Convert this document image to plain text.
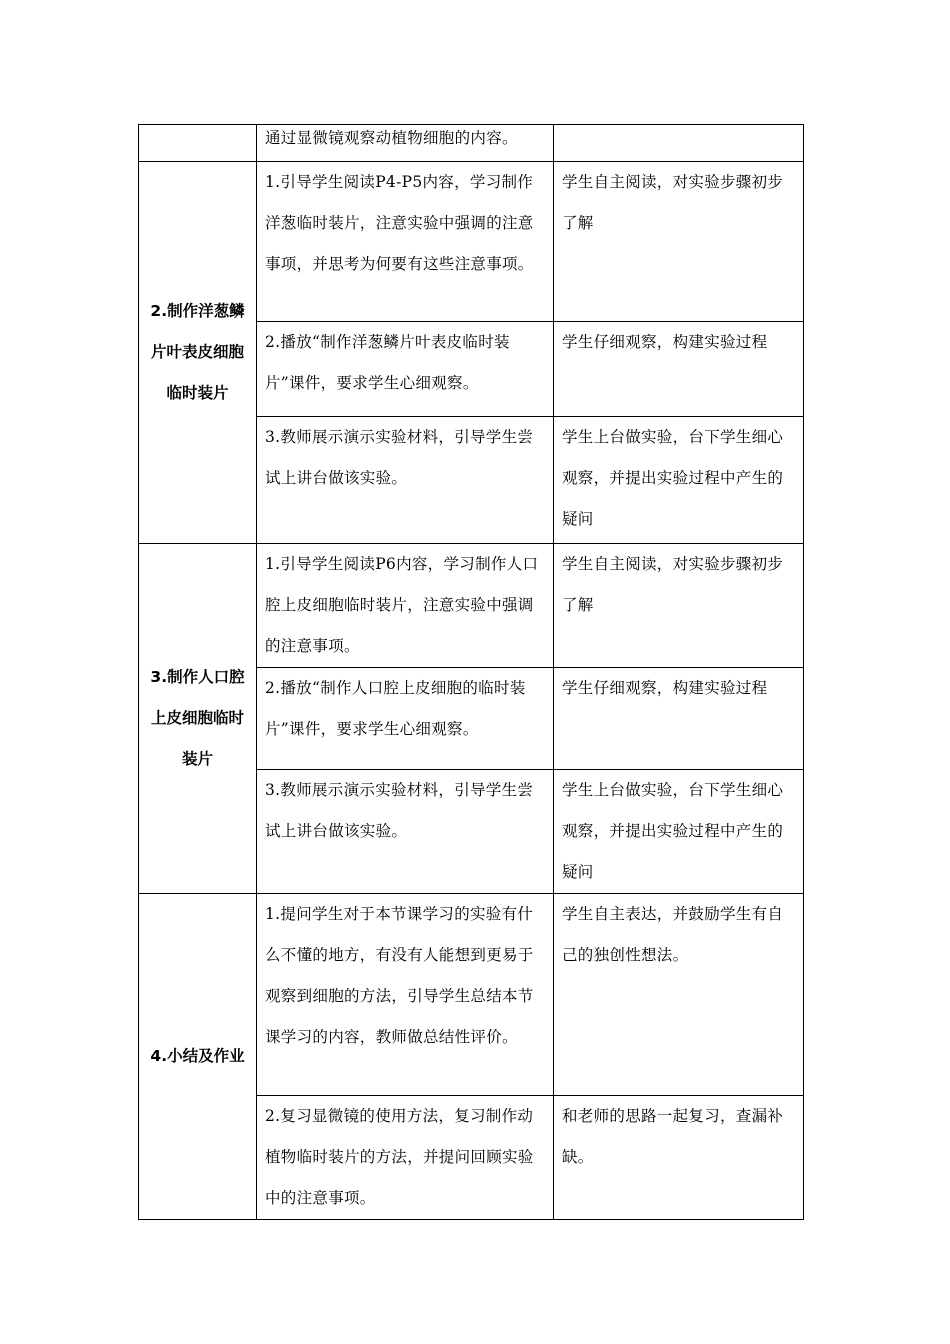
	通过显微镜观察动植物细胞的内容。	

2.制作洋葱鳞片叶表皮细胞临时装片	1.引导学生阅读P4-P5内容，学习制作洋葱临时装片，注意实验中强调的注意事项，并思考为何要有这些注意事项。	学生自主阅读，对实验步骤初步了解

	2.播放“制作洋葱鳞片叶表皮临时装片”课件，要求学生心细观察。	学生仔细观察，构建实验过程

	3.教师展示演示实验材料，引导学生尝试上讲台做该实验。	学生上台做实验，台下学生细心观察，并提出实验过程中产生的疑问

3.制作人口腔上皮细胞临时装片	1.引导学生阅读P6内容，学习制作人口腔上皮细胞临时装片，注意实验中强调的注意事项。	学生自主阅读，对实验步骤初步了解

	2.播放“制作人口腔上皮细胞的临时装片”课件，要求学生心细观察。	学生仔细观察，构建实验过程

	3.教师展示演示实验材料，引导学生尝试上讲台做该实验。	学生上台做实验，台下学生细心观察，并提出实验过程中产生的疑问

4.小结及作业	1.提问学生对于本节课学习的实验有什么不懂的地方，有没有人能想到更易于观察到细胞的方法，引导学生总结本节课学习的内容，教师做总结性评价。	学生自主表达，并鼓励学生有自己的独创性想法。

	2.复习显微镜的使用方法，复习制作动植物临时装片的方法，并提问回顾实验中的注意事项。	和老师的思路一起复习，查漏补缺。
